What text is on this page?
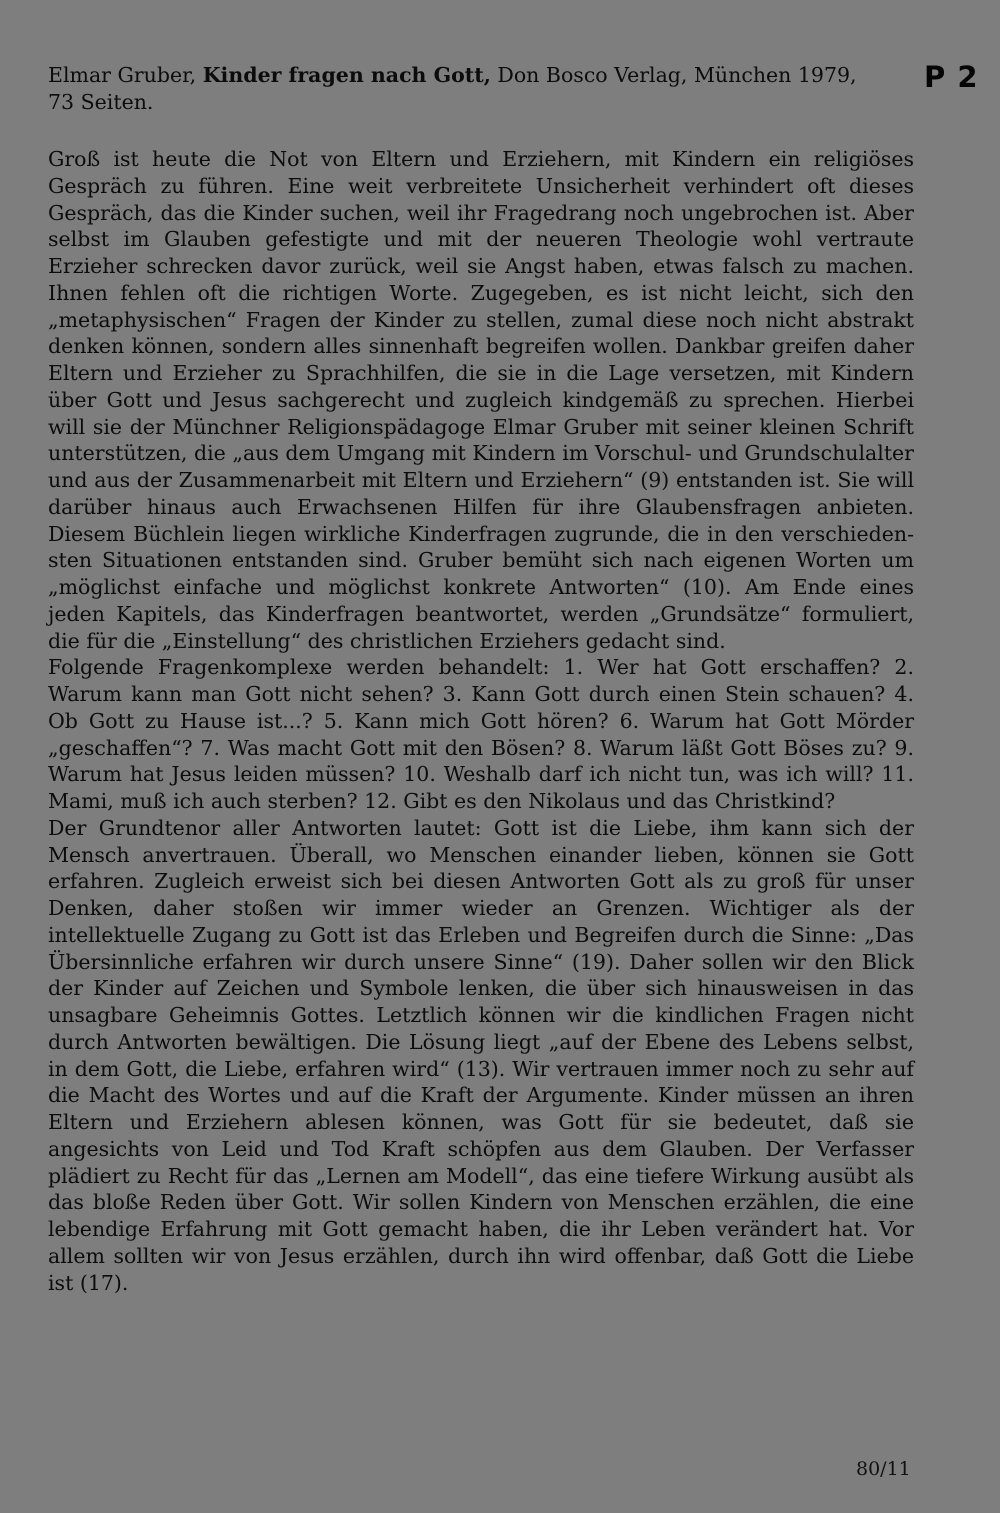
P 2
Elmar Gruber, Kinder fragen nach Gott, Don Bosco Verlag, München 1979,
73 Seiten.

Groß ist heute die Not von Eltern und Erziehern, mit Kindern ein religiöses Gespräch zu führen. Eine weit verbreitete Unsicherheit verhindert oft dieses Gespräch, das die Kinder suchen, weil ihr Fragedrang noch ungebrochen ist. Aber selbst im Glauben gefestigte und mit der neueren Theologie wohl vertraute Erzieher schrecken davor zurück, weil sie Angst haben, etwas falsch zu machen. Ihnen fehlen oft die richtigen Worte. Zugegeben, es ist nicht leicht, sich den „metaphysischen“ Fragen der Kinder zu stellen, zumal diese noch nicht abstrakt denken können, sondern alles sinnenhaft begreifen wollen. Dankbar greifen daher Eltern und Erzieher zu Sprachhilfen, die sie in die Lage versetzen, mit Kindern über Gott und Jesus sachgerecht und zugleich kindgemäß zu sprechen. Hierbei will sie der Münchner Religionspädagoge Elmar Gruber mit seiner kleinen Schrift unterstützen, die „aus dem Umgang mit Kindern im Vorschul- und Grundschulalter und aus der Zusammenarbeit mit Eltern und Erziehern“ (9) entstanden ist. Sie will darüber hinaus auch Erwachsenen Hilfen für ihre Glaubensfragen anbieten. Diesem Büchlein liegen wirkliche Kinderfragen zugrunde, die in den verschiedensten Situationen entstanden sind. Gruber bemüht sich nach eigenen Worten um „möglichst einfache und möglichst konkrete Antworten“ (10). Am Ende eines jeden Kapitels, das Kinderfragen beantwortet, werden „Grundsätze“ formuliert, die für die „Einstellung“ des christlichen Erziehers gedacht sind.

Folgende Fragenkomplexe werden behandelt: 1. Wer hat Gott erschaffen? 2. Warum kann man Gott nicht sehen? 3. Kann Gott durch einen Stein schauen? 4. Ob Gott zu Hause ist...? 5. Kann mich Gott hören? 6. Warum hat Gott Mörder „geschaffen“? 7. Was macht Gott mit den Bösen? 8. Warum läßt Gott Böses zu? 9. Warum hat Jesus leiden müssen? 10. Weshalb darf ich nicht tun, was ich will? 11. Mami, muß ich auch sterben? 12. Gibt es den Nikolaus und das Christkind?

Der Grundtenor aller Antworten lautet: Gott ist die Liebe, ihm kann sich der Mensch anvertrauen. Überall, wo Menschen einander lieben, können sie Gott erfahren. Zugleich erweist sich bei diesen Antworten Gott als zu groß für unser Denken, daher stoßen wir immer wieder an Grenzen. Wichtiger als der intellektuelle Zugang zu Gott ist das Erleben und Begreifen durch die Sinne: „Das Übersinnliche erfahren wir durch unsere Sinne“ (19). Daher sollen wir den Blick der Kinder auf Zeichen und Symbole lenken, die über sich hinausweisen in das unsagbare Geheimnis Gottes. Letztlich können wir die kindlichen Fragen nicht durch Antworten bewältigen. Die Lösung liegt „auf der Ebene des Lebens selbst, in dem Gott, die Liebe, erfahren wird“ (13). Wir vertrauen immer noch zu sehr auf die Macht des Wortes und auf die Kraft der Argumente. Kinder müssen an ihren Eltern und Erziehern ablesen können, was Gott für sie bedeutet, daß sie angesichts von Leid und Tod Kraft schöpfen aus dem Glauben. Der Verfasser plädiert zu Recht für das „Lernen am Modell“, das eine tiefere Wirkung ausübt als das bloße Reden über Gott. Wir sollen Kindern von Menschen erzählen, die eine lebendige Erfahrung mit Gott gemacht haben, die ihr Leben verändert hat. Vor allem sollten wir von Jesus erzählen, durch ihn wird offenbar, daß Gott die Liebe ist (17).

80/11
